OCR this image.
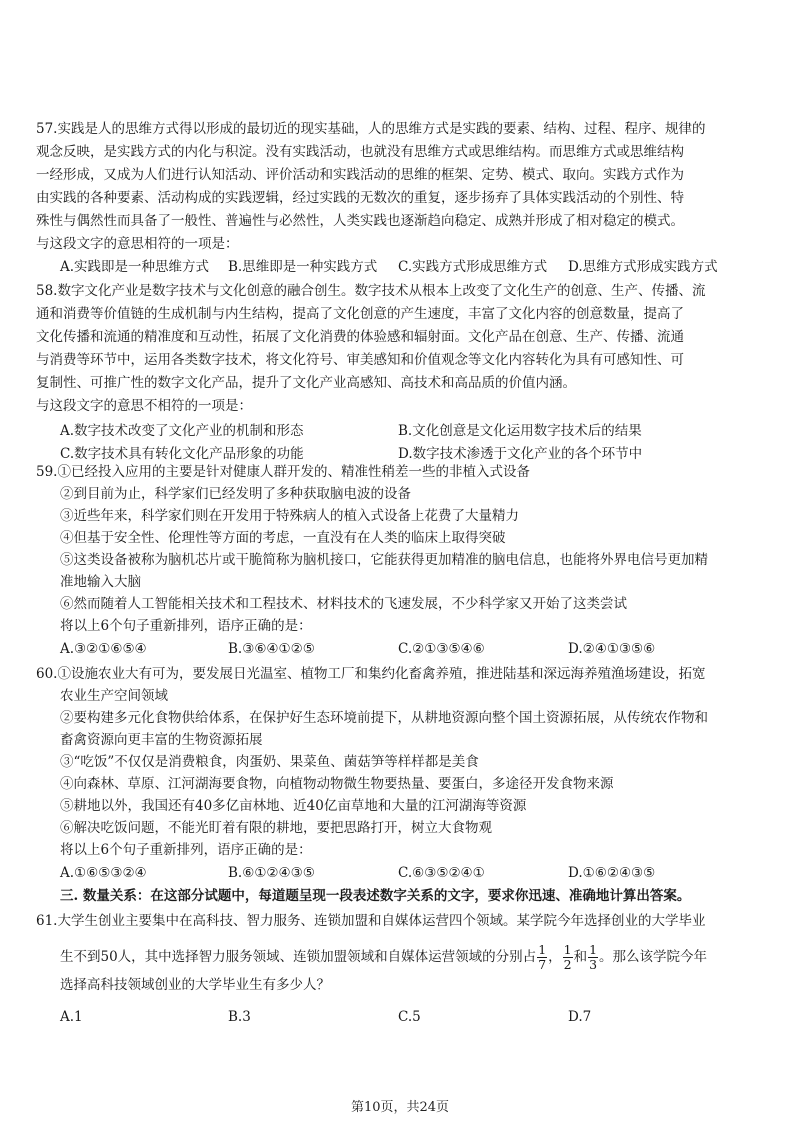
57.实践是人的思维方式得以形成的最切近的现实基础，人的思维方式是实践的要素、结构、过程、程序、规律的
观念反映，是实践方式的内化与积淀。没有实践活动，也就没有思维方式或思维结构。而思维方式或思维结构
一经形成，又成为人们进行认知活动、评价活动和实践活动的思维的框架、定势、模式、取向。实践方式作为
由实践的各种要素、活动构成的实践逻辑，经过实践的无数次的重复，逐步扬弃了具体实践活动的个别性、特
殊性与偶然性而具备了一般性、普遍性与必然性，人类实践也逐渐趋向稳定、成熟并形成了相对稳定的模式。
与这段文字的意思相符的一项是：
A.实践即是一种思维方式 B.思维即是一种实践方式 C.实践方式形成思维方式 D.思维方式形成实践方式
58.数字文化产业是数字技术与文化创意的融合创生。数字技术从根本上改变了文化生产的创意、生产、传播、流
通和消费等价值链的生成机制与内生结构，提高了文化创意的产生速度，丰富了文化内容的创意数量，提高了
文化传播和流通的精准度和互动性，拓展了文化消费的体验感和辐射面。文化产品在创意、生产、传播、流通
与消费等环节中，运用各类数字技术，将文化符号、审美感知和价值观念等文化内容转化为具有可感知性、可
复制性、可推广性的数字文化产品，提升了文化产业高感知、高技术和高品质的价值内涵。
与这段文字的意思不相符的一项是：
A.数字技术改变了文化产业的机制和形态	B.文化创意是文化运用数字技术后的结果
C.数字技术具有转化文化产品形象的功能	D.数字技术渗透于文化产业的各个环节中
59.①已经投入应用的主要是针对健康人群开发的、精准性稍差一些的非植入式设备
②到目前为止，科学家们已经发明了多种获取脑电波的设备
③近些年来，科学家们则在开发用于特殊病人的植入式设备上花费了大量精力
④但基于安全性、伦理性等方面的考虑，一直没有在人类的临床上取得突破
⑤这类设备被称为脑机芯片或干脆简称为脑机接口，它能获得更加精准的脑电信息，也能将外界电信号更加精
准地输入大脑
⑥然而随着人工智能相关技术和工程技术、材料技术的飞速发展，不少科学家又开始了这类尝试
将以上6个句子重新排列，语序正确的是：
A.③②①⑥⑤④	B.③⑥④①②⑤	C.②①③⑤④⑥	D.②④①③⑤⑥
60.①设施农业大有可为，要发展日光温室、植物工厂和集约化畜禽养殖，推进陆基和深远海养殖渔场建设，拓宽
农业生产空间领域
②要构建多元化食物供给体系，在保护好生态环境前提下，从耕地资源向整个国土资源拓展，从传统农作物和
畜禽资源向更丰富的生物资源拓展
③“吃饭”不仅仅是消费粮食，肉蛋奶、果菜鱼、菌菇笋等样样都是美食
④向森林、草原、江河湖海要食物，向植物动物微生物要热量、要蛋白，多途径开发食物来源
⑤耕地以外，我国还有40多亿亩林地、近40亿亩草地和大量的江河湖海等资源
⑥解决吃饭问题，不能光盯着有限的耕地，要把思路打开，树立大食物观
将以上6个句子重新排列，语序正确的是：
A.①⑥⑤③②④	B.⑥①②④③⑤	C.⑥③⑤②④①	D.①⑥②④③⑤
三. 数量关系：在这部分试题中，每道题呈现一段表述数字关系的文字，要求你迅速、准确地计算出答案。
61.大学生创业主要集中在高科技、智力服务、连锁加盟和自媒体运营四个领域。某学院今年选择创业的大学毕业
生不到50人，其中选择智力服务领域、连锁加盟领域和自媒体运营领域的分别占 $\frac{1}{7}$ ， $\frac{1}{2}$ 和 $\frac{1}{3}$ 。那么该学院今年
选择高科技领域创业的大学毕业生有多少人？
A.1	B.3	C.5	D.7
第10页，共24页
